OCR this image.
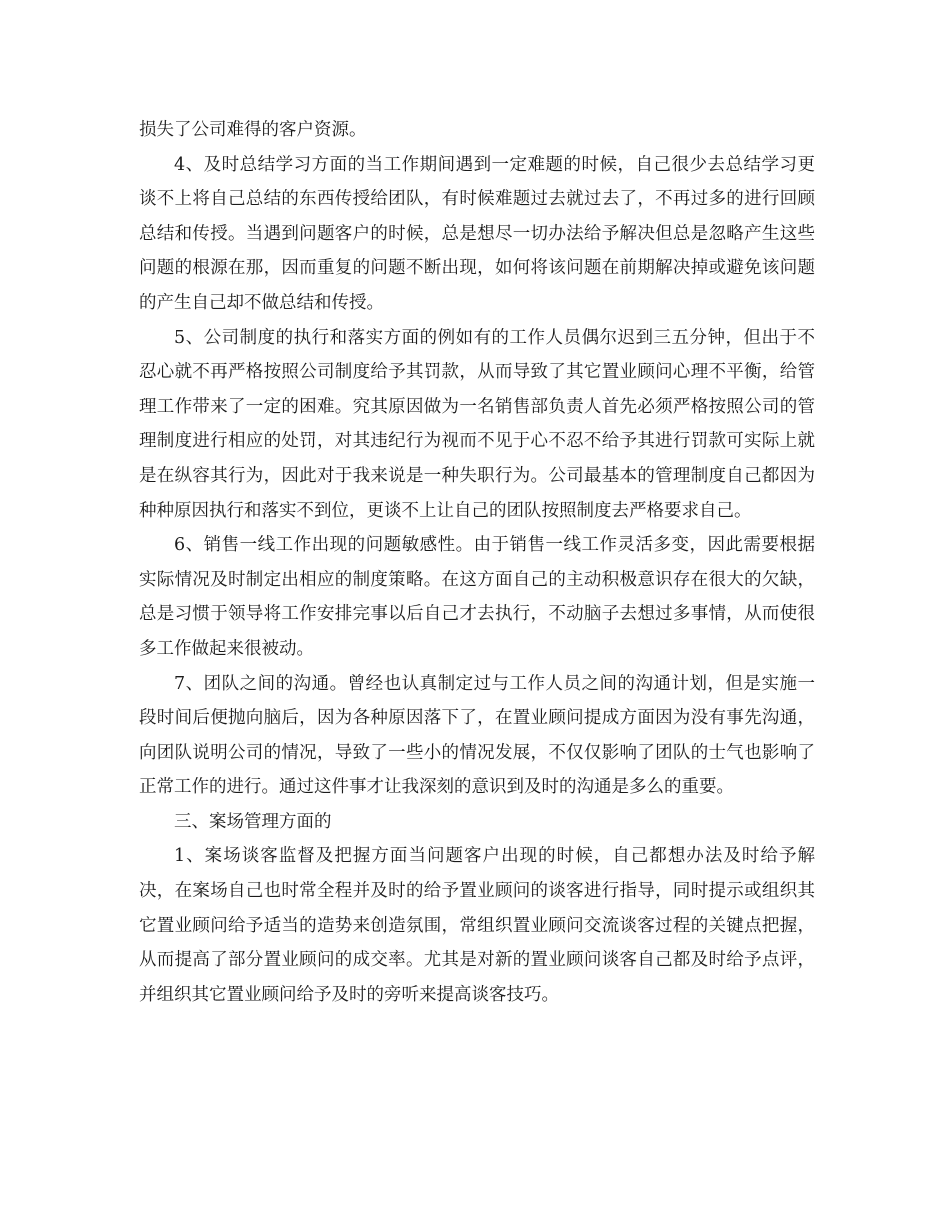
损失了公司难得的客户资源。

4、及时总结学习方面的当工作期间遇到一定难题的时候，自己很少去总结学习更谈不上将自己总结的东西传授给团队，有时候难题过去就过去了，不再过多的进行回顾总结和传授。当遇到问题客户的时候，总是想尽一切办法给予解决但总是忽略产生这些问题的根源在那，因而重复的问题不断出现，如何将该问题在前期解决掉或避免该问题的产生自己却不做总结和传授。

5、公司制度的执行和落实方面的例如有的工作人员偶尔迟到三五分钟，但出于不忍心就不再严格按照公司制度给予其罚款，从而导致了其它置业顾问心理不平衡，给管理工作带来了一定的困难。究其原因做为一名销售部负责人首先必须严格按照公司的管理制度进行相应的处罚，对其违纪行为视而不见于心不忍不给予其进行罚款可实际上就是在纵容其行为，因此对于我来说是一种失职行为。公司最基本的管理制度自己都因为种种原因执行和落实不到位，更谈不上让自己的团队按照制度去严格要求自己。

6、销售一线工作出现的问题敏感性。由于销售一线工作灵活多变，因此需要根据实际情况及时制定出相应的制度策略。在这方面自己的主动积极意识存在很大的欠缺，总是习惯于领导将工作安排完事以后自己才去执行，不动脑子去想过多事情，从而使很多工作做起来很被动。

7、团队之间的沟通。曾经也认真制定过与工作人员之间的沟通计划，但是实施一段时间后便抛向脑后，因为各种原因落下了，在置业顾问提成方面因为没有事先沟通，向团队说明公司的情况，导致了一些小的情况发展，不仅仅影响了团队的士气也影响了正常工作的进行。通过这件事才让我深刻的意识到及时的沟通是多么的重要。

三、案场管理方面的

1、案场谈客监督及把握方面当问题客户出现的时候，自己都想办法及时给予解决，在案场自己也时常全程并及时的给予置业顾问的谈客进行指导，同时提示或组织其它置业顾问给予适当的造势来创造氛围，常组织置业顾问交流谈客过程的关键点把握，从而提高了部分置业顾问的成交率。尤其是对新的置业顾问谈客自己都及时给予点评，并组织其它置业顾问给予及时的旁听来提高谈客技巧。
